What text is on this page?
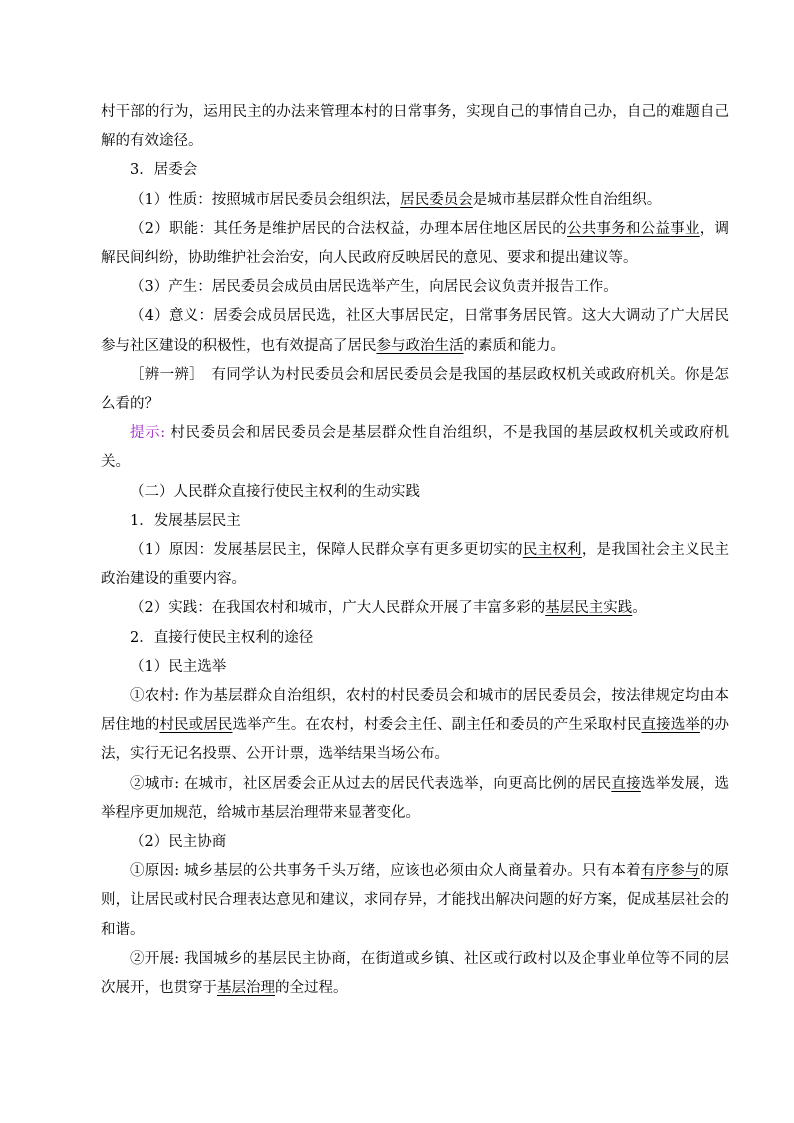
村干部的行为，运用民主的办法来管理本村的日常事务，实现自己的事情自己办，自己的难题自己解的有效途径。

3．居委会

（1）性质：按照城市居民委员会组织法，居民委员会是城市基层群众性自治组织。

（2）职能：其任务是维护居民的合法权益，办理本居住地区居民的公共事务和公益事业，调解民间纠纷，协助维护社会治安，向人民政府反映居民的意见、要求和提出建议等。

（3）产生：居民委员会成员由居民选举产生，向居民会议负责并报告工作。

（4）意义：居委会成员居民选，社区大事居民定，日常事务居民管。这大大调动了广大居民参与社区建设的积极性，也有效提高了居民参与政治生活的素质和能力。

［辨一辨］　有同学认为村民委员会和居民委员会是我国的基层政权机关或政府机关。你是怎么看的？

提示: 村民委员会和居民委员会是基层群众性自治组织，不是我国的基层政权机关或政府机关。

（二）人民群众直接行使民主权利的生动实践

1．发展基层民主

（1）原因：发展基层民主，保障人民群众享有更多更切实的民主权利，是我国社会主义民主政治建设的重要内容。

（2）实践：在我国农村和城市，广大人民群众开展了丰富多彩的基层民主实践。

2．直接行使民主权利的途径

（1）民主选举

①农村: 作为基层群众自治组织，农村的村民委员会和城市的居民委员会，按法律规定均由本居住地的村民或居民选举产生。在农村，村委会主任、副主任和委员的产生采取村民直接选举的办法，实行无记名投票、公开计票，选举结果当场公布。

②城市: 在城市，社区居委会正从过去的居民代表选举，向更高比例的居民直接选举发展，选举程序更加规范，给城市基层治理带来显著变化。

（2）民主协商

①原因: 城乡基层的公共事务千头万绪，应该也必须由众人商量着办。只有本着有序参与的原则，让居民或村民合理表达意见和建议，求同存异，才能找出解决问题的好方案，促成基层社会的和谐。

②开展: 我国城乡的基层民主协商，在街道或乡镇、社区或行政村以及企事业单位等不同的层次展开，也贯穿于基层治理的全过程。
